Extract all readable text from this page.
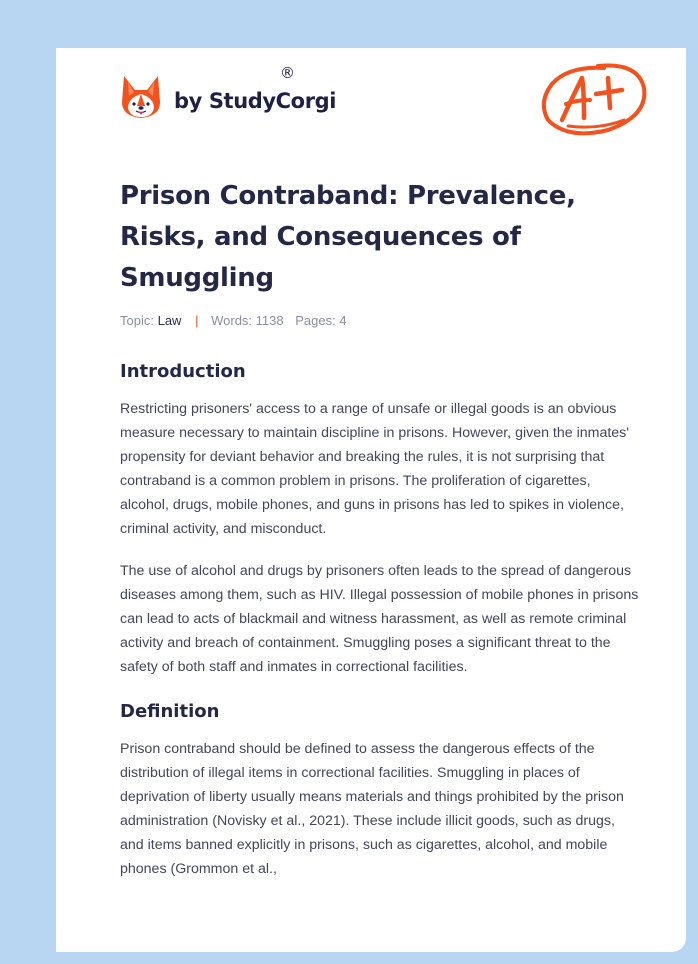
by StudyCorgi
®
Prison Contraband: Prevalence, Risks, and Consequences of Smuggling
Topic: Law | Words: 1138 Pages: 4
Introduction

Restricting prisoners' access to a range of unsafe or illegal goods is an obvious measure necessary to maintain discipline in prisons. However, given the inmates' propensity for deviant behavior and breaking the rules, it is not surprising that contraband is a common problem in prisons. The proliferation of cigarettes, alcohol, drugs, mobile phones, and guns in prisons has led to spikes in violence, criminal activity, and misconduct.

The use of alcohol and drugs by prisoners often leads to the spread of dangerous diseases among them, such as HIV. Illegal possession of mobile phones in prisons can lead to acts of blackmail and witness harassment, as well as remote criminal activity and breach of containment. Smuggling poses a significant threat to the safety of both staff and inmates in correctional facilities.

Definition

Prison contraband should be defined to assess the dangerous effects of the distribution of illegal items in correctional facilities. Smuggling in places of deprivation of liberty usually means materials and things prohibited by the prison administration (Novisky et al., 2021). These include illicit goods, such as drugs, and items banned explicitly in prisons, such as cigarettes, alcohol, and mobile phones (Grommon et al.,
